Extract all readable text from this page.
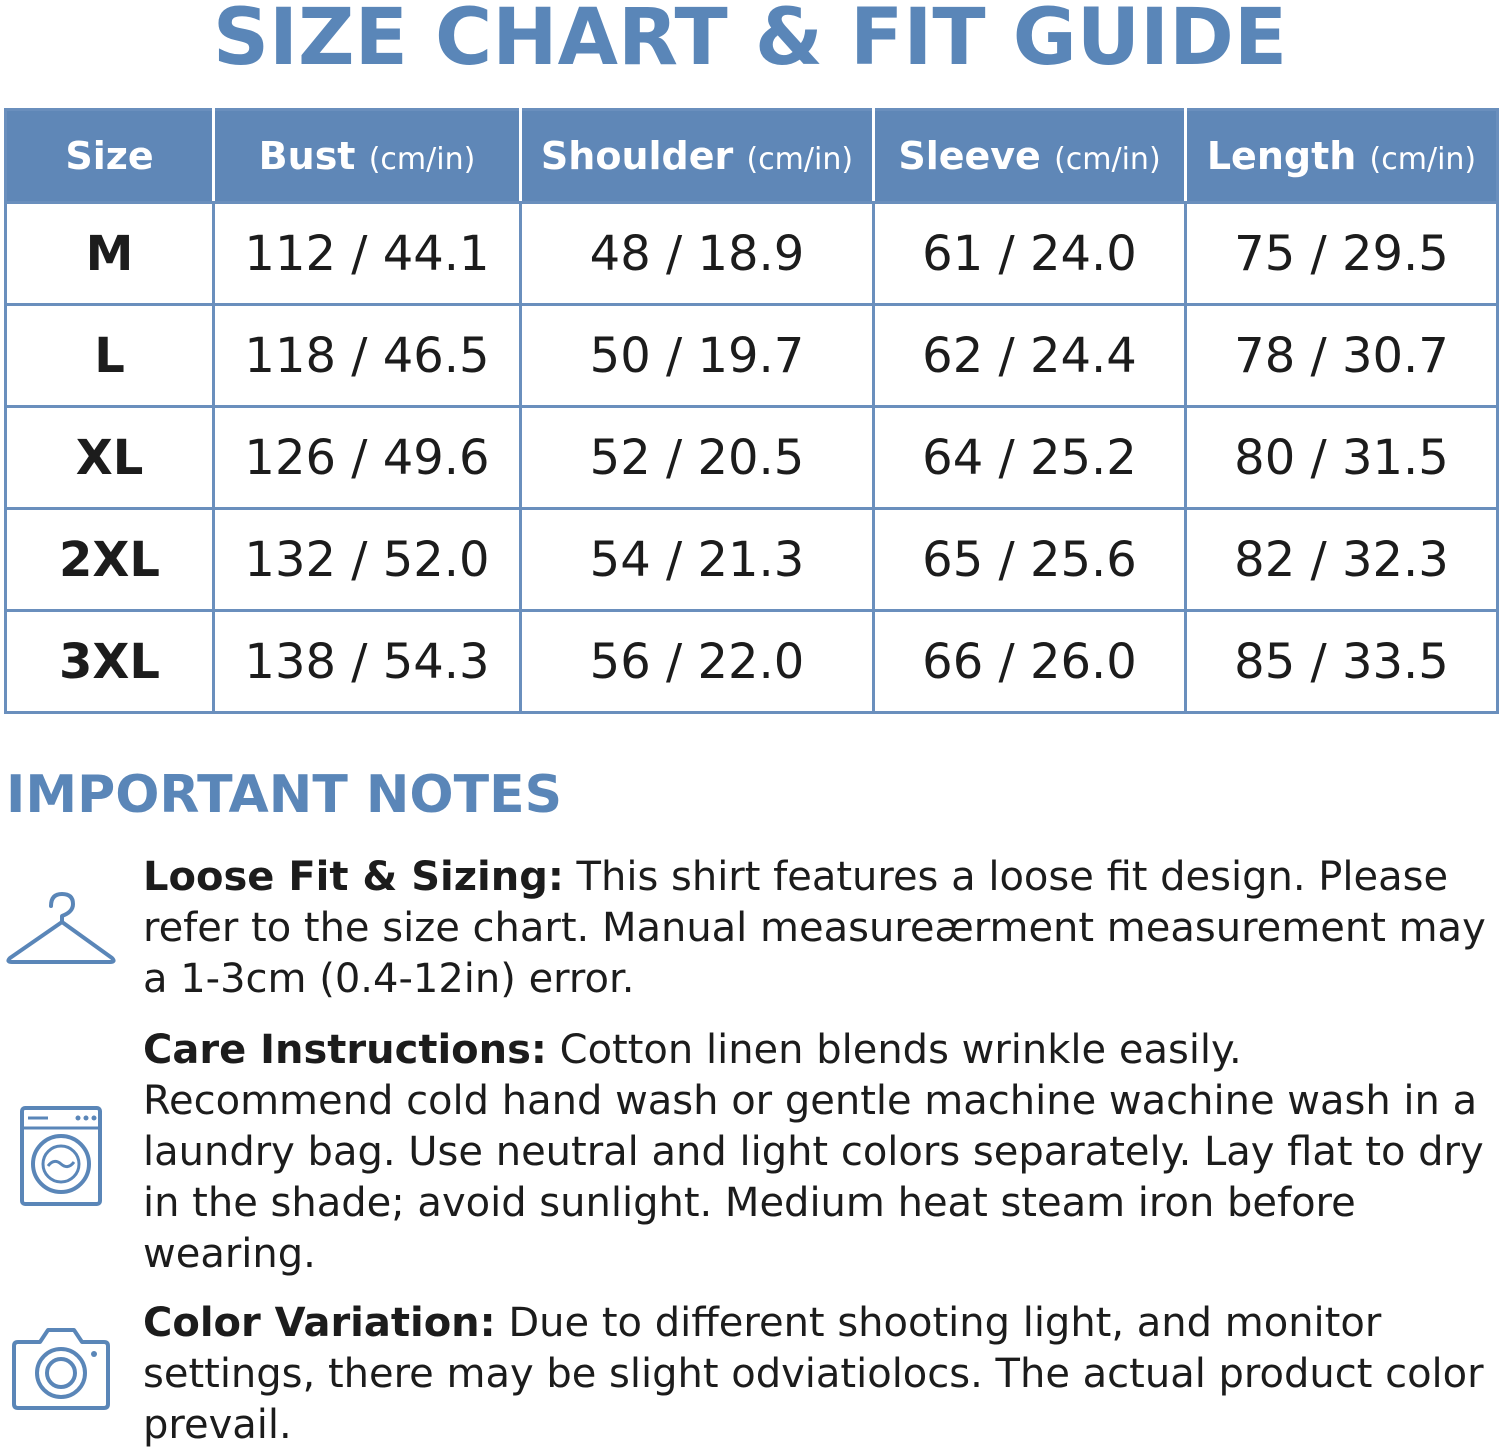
SIZE CHART & FIT GUIDE
Size	Bust (cm/in)	Shoulder (cm/in)	Sleeve (cm/in)	Length (cm/in)
M	112 / 44.1	48 / 18.9	61 / 24.0	75 / 29.5
L	118 / 46.5	50 / 19.7	62 / 24.4	78 / 30.7
XL	126 / 49.6	52 / 20.5	64 / 25.2	80 / 31.5
2XL	132 / 52.0	54 / 21.3	65 / 25.6	82 / 32.3
3XL	138 / 54.3	56 / 22.0	66 / 26.0	85 / 33.5
IMPORTANT NOTES

Loose Fit & Sizing: This shirt features a loose fit design. Please refer to the size chart. Manual measureærment measurement may a 1-3cm (0.4-12in) error.

Care Instructions: Cotton linen blends wrinkle easily. Recommend cold hand wash or gentle machine wachine wash in a laundry bag. Use neutral and light colors separately. Lay flat to dry in the shade; avoid sunlight. Medium heat steam iron before wearing.

Color Variation: Due to different shooting light, and monitor settings, there may be slight odviatiolocs. The actual product color prevail.
